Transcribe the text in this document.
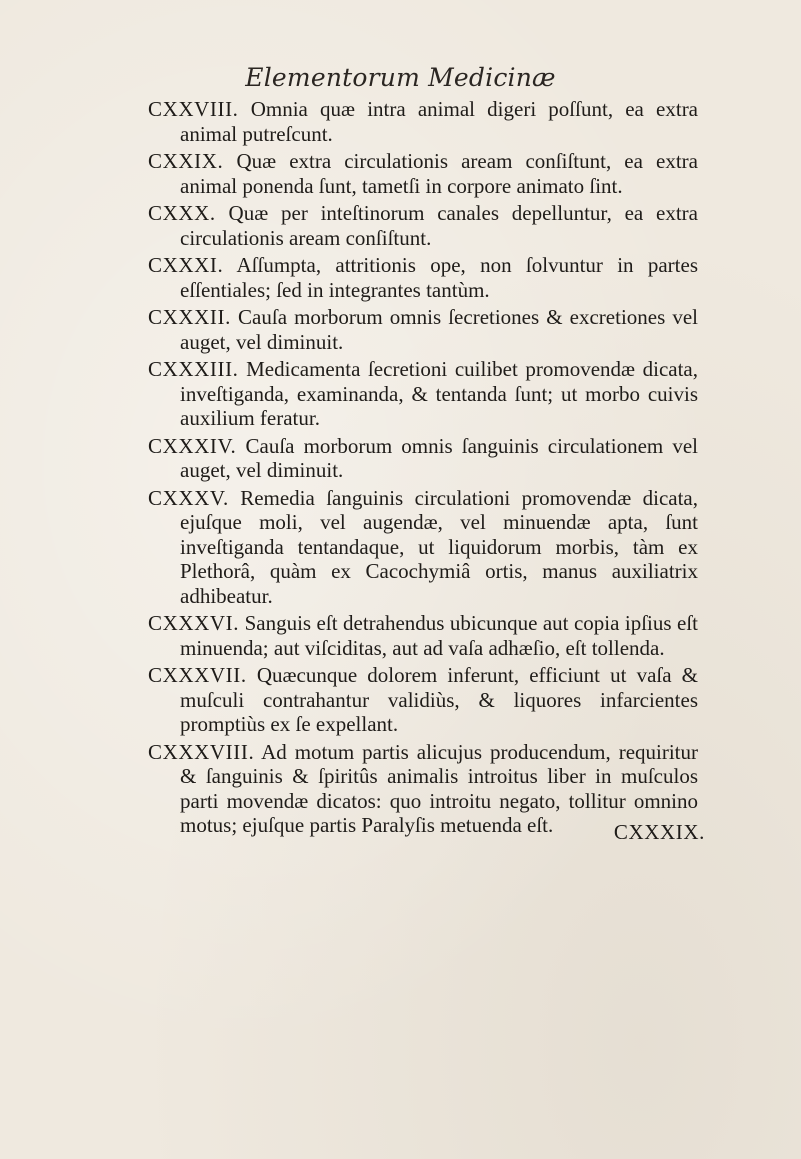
Elementorum Medicinæ

CXXVIII. Omnia quæ intra animal digeri poſſunt, ea extra animal putreſcunt.

CXXIX. Quæ extra circulationis aream conſiſtunt, ea extra animal ponenda ſunt, tametſi in corpore animato ſint.

CXXX. Quæ per inteſtinorum canales depelluntur, ea extra circulationis aream conſiſtunt.

CXXXI. Aſſumpta, attritionis ope, non ſolvuntur in partes eſſentiales; ſed in integrantes tantùm.

CXXXII. Cauſa morborum omnis ſecretiones & excretiones vel auget, vel diminuit.

CXXXIII. Medicamenta ſecretioni cuilibet promovendæ dicata, inveſtiganda, examinanda, & tentanda ſunt; ut morbo cuivis auxilium feratur.

CXXXIV. Cauſa morborum omnis ſanguinis circulationem vel auget, vel diminuit.

CXXXV. Remedia ſanguinis circulationi promovendæ dicata, ejuſque moli, vel augendæ, vel minuendæ apta, ſunt inveſtiganda tentandaque, ut liquidorum morbis, tàm ex Plethorâ, quàm ex Cacochymiâ ortis, manus auxiliatrix adhibeatur.

CXXXVI. Sanguis eſt detrahendus ubicunque aut copia ipſius eſt minuenda; aut viſciditas, aut ad vaſa adhæſio, eſt tollenda.

CXXXVII. Quæcunque dolorem inferunt, efficiunt ut vaſa & muſculi contrahantur validiùs, & liquores infarcientes promptiùs ex ſe expellant.

CXXXVIII. Ad motum partis alicujus producendum, requiritur & ſanguinis & ſpiritûs animalis introitus liber in muſculos parti movendæ dicatos: quo introitu negato, tollitur omnino motus; ejuſque partis Paralyſis metuenda eſt.	CXXXIX.
